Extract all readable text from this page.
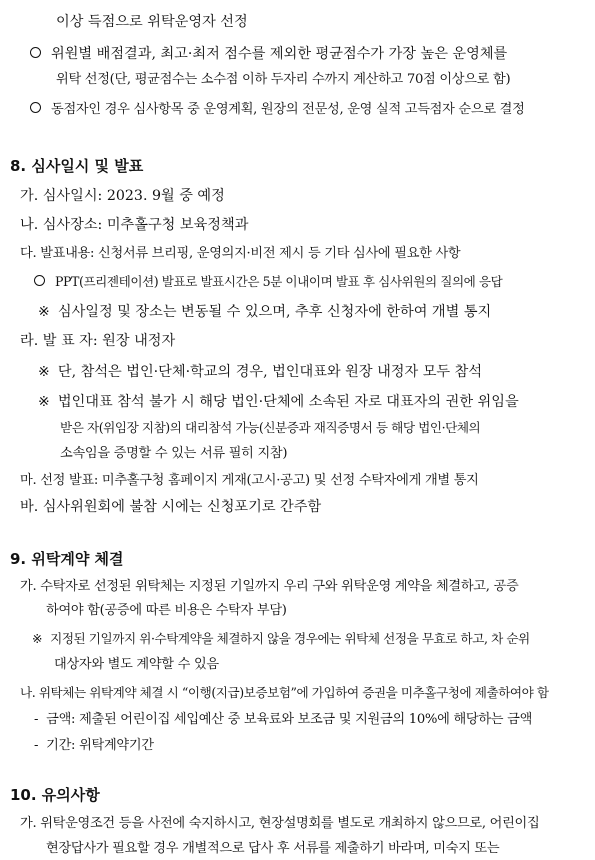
이상 득점으로 위탁운영자 선정
위원별 배점결과, 최고·최저 점수를 제외한 평균점수가 가장 높은 운영체를
위탁 선정(단, 평균점수는 소수점 이하 두자리 수까지 계산하고 70점 이상으로 함)
동점자인 경우 심사항목 중 운영계획, 원장의 전문성, 운영 실적 고득점자 순으로 결정
8. 심사일시 및 발표
가. 심사일시: 2023. 9월 중 예정
나. 심사장소: 미추홀구청 보육정책과
다. 발표내용: 신청서류 브리핑, 운영의지·비전 제시 등 기타 심사에 필요한 사항
PPT(프리젠테이션) 발표로 발표시간은 5분 이내이며 발표 후 심사위원의 질의에 응답
※ 심사일정 및 장소는 변동될 수 있으며, 추후 신청자에 한하여 개별 통지
라. 발 표 자: 원장 내정자
※ 단, 참석은 법인·단체·학교의 경우, 법인대표와 원장 내정자 모두 참석
※ 법인대표 참석 불가 시 해당 법인·단체에 소속된 자로 대표자의 권한 위임을
받은 자(위임장 지참)의 대리참석 가능(신분증과 재직증명서 등 해당 법인·단체의
소속임을 증명할 수 있는 서류 필히 지참)
마. 선정 발표: 미추홀구청 홈페이지 게재(고시·공고) 및 선정 수탁자에게 개별 통지
바. 심사위원회에 불참 시에는 신청포기로 간주함
9. 위탁계약 체결
가. 수탁자로 선정된 위탁체는 지정된 기일까지 우리 구와 위탁운영 계약을 체결하고, 공증
하여야 함(공증에 따른 비용은 수탁자 부담)
※ 지정된 기일까지 위·수탁계약을 체결하지 않을 경우에는 위탁체 선정을 무효로 하고, 차 순위
대상자와 별도 계약할 수 있음
나. 위탁체는 위탁계약 체결 시 “이행(지급)보증보험”에 가입하여 증권을 미추홀구청에 제출하여야 함
- 금액: 제출된 어린이집 세입예산 중 보육료와 보조금 및 지원금의 10%에 해당하는 금액
- 기간: 위탁계약기간
10. 유의사항
가. 위탁운영조건 등을 사전에 숙지하시고, 현장설명회를 별도로 개최하지 않으므로, 어린이집
현장답사가 필요할 경우 개별적으로 답사 후 서류를 제출하기 바라며, 미숙지 또는
